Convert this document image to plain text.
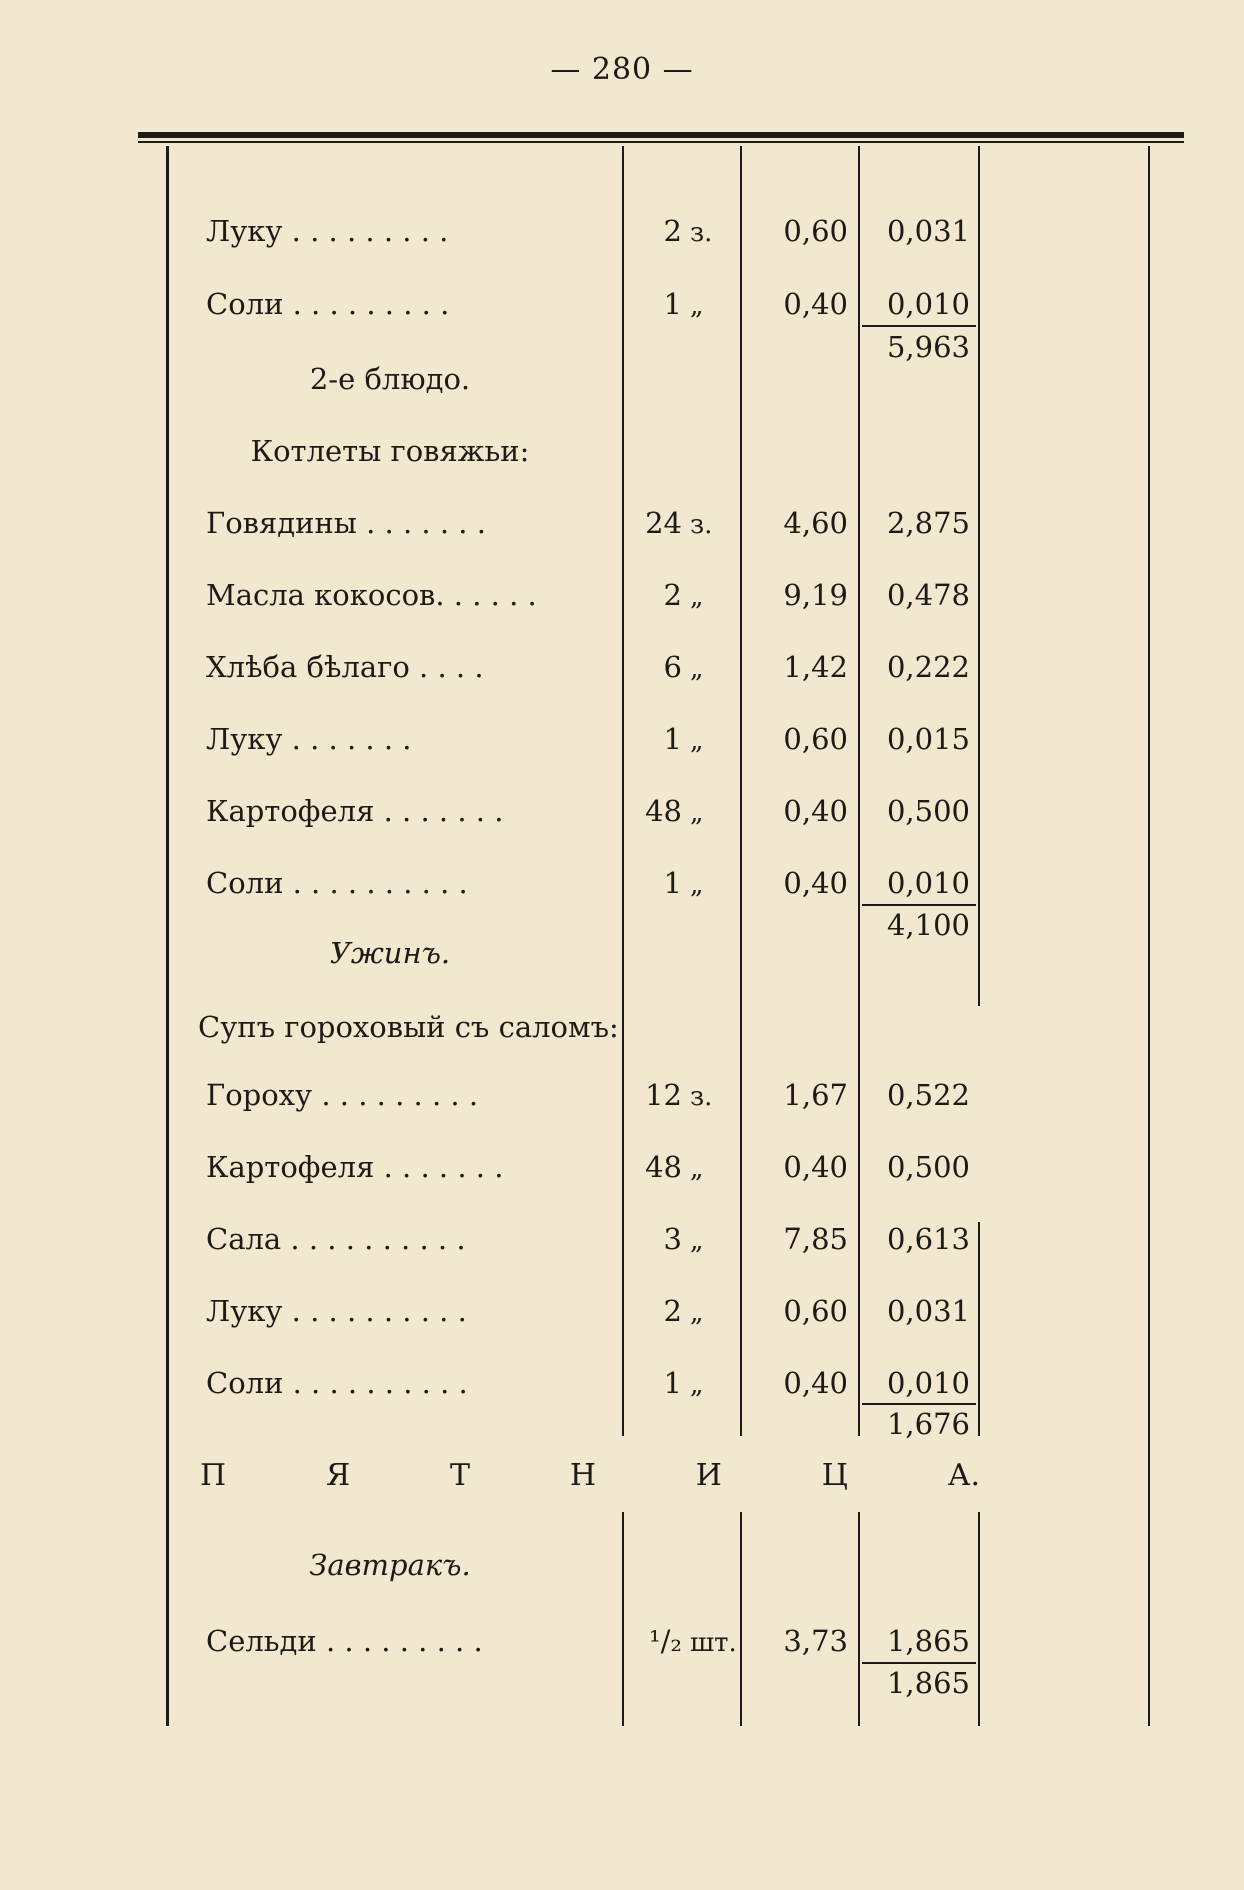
— 280 —
Луку . . . . . . . . .	2 з.	0,60	0,031
Соли . . . . . . . . .	1 „	0,40	0,010
5,963
2-е блюдо.
Котлеты говяжьи:
Говядины . . . . . . .	24 з.	4,60	2,875
Масла кокосов. . . . . .	2 „	9,19	0,478
Хлѣба бѣлаго . . . .	6 „	1,42	0,222
Луку . . . . . . .	1 „	0,60	0,015
Картофеля . . . . . . .	48 „	0,40	0,500
Соли . . . . . . . . . .	1 „	0,40	0,010
4,100
Ужинъ.
Супъ гороховый съ саломъ:
Гороху . . . . . . . . .	12 з.	1,67	0,522
Картофеля . . . . . . .	48 „	0,40	0,500
Сала . . . . . . . . . .	3 „	7,85	0,613
Луку . . . . . . . . . .	2 „	0,60	0,031
Соли . . . . . . . . . .	1 „	0,40	0,010
1,676
П	Я	Т	Н	И	Ц	А.
Завтракъ.
Сельди . . . . . . . . .	¹/₂ шт.	3,73	1,865
1,865
